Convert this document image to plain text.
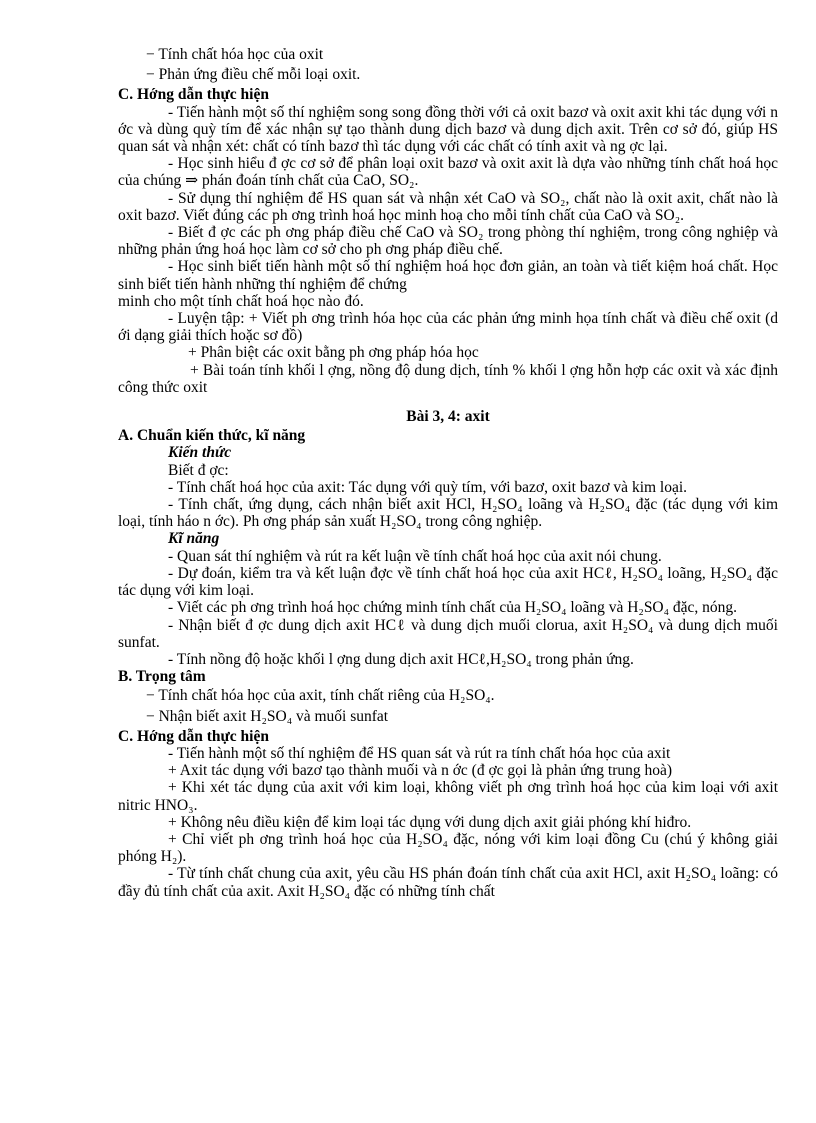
− Tính chất hóa học của oxit

− Phản ứng điều chế mỗi loại oxit.

C. Hớng dẫn thực hiện

- Tiến hành một số thí nghiệm song song đồng thời với cả oxit bazơ và oxit axit khi tác dụng với n ớc và dùng quỳ tím để xác nhận sự tạo thành dung dịch bazơ và dung dịch axit. Trên cơ sở đó, giúp HS quan sát và nhận xét: chất có tính bazơ thì tác dụng với các chất có tính axit và ng ợc lại.

- Học sinh hiểu đ ợc cơ sở để phân loại oxit bazơ và oxit axit là dựa vào những tính chất hoá học của chúng ⇒ phán đoán tính chất của CaO, SO₂.

- Sử dụng thí nghiệm để HS quan sát và nhận xét CaO và SO₂, chất nào là oxit axit, chất nào là oxit bazơ. Viết đúng các ph ơng trình hoá học minh hoạ cho mỗi tính chất của CaO và SO₂.

- Biết đ ợc các ph ơng pháp điều chế CaO và SO₂ trong phòng thí nghiệm, trong công nghiệp và những phản ứng hoá học làm cơ sở cho ph ơng pháp điều chế.

- Học sinh biết tiến hành một số thí nghiệm hoá học đơn giản, an toàn và tiết kiệm hoá chất. Học sinh biết tiến hành những thí nghiệm để chứng

minh cho một tính chất hoá học nào đó.

- Luyện tập: + Viết ph ơng trình hóa học của các phản ứng minh họa tính chất và điều chế oxit (d ới dạng giải thích hoặc sơ đồ)

+ Phân biệt các oxit bằng ph ơng pháp hóa học

+ Bài toán tính khối l ợng, nồng độ dung dịch, tính % khối l ợng hỗn hợp các oxit và xác định công thức oxit

Bài 3, 4: axit

A. Chuẩn kiến thức, kĩ năng

Kiến thức

Biết đ ợc:

- Tính chất hoá học của axit: Tác dụng với quỳ tím, với bazơ, oxit bazơ và kim loại.

- Tính chất, ứng dụng, cách nhận biết axit HCl, H₂SO₄ loãng và H₂SO₄ đặc (tác dụng với kim loại, tính háo n ớc). Ph ơng pháp sản xuất H₂SO₄ trong công nghiệp.

Kĩ năng

- Quan sát thí nghiệm và rút ra kết luận về tính chất hoá học của axit nói chung.

- Dự đoán, kiểm tra và kết luận đợc về tính chất hoá học của axit HCℓ, H₂SO₄ loãng, H₂SO₄ đặc tác dụng với kim loại.

- Viết các ph ơng trình hoá học chứng minh tính chất của H₂SO₄ loãng và H₂SO₄ đặc, nóng.

- Nhận biết đ ợc dung dịch axit HCℓ và dung dịch muối clorua, axit H₂SO₄ và dung dịch muối sunfat.

- Tính nồng độ hoặc khối l ợng dung dịch axit HCℓ,H₂SO₄ trong phản ứng.

B. Trọng tâm

− Tính chất hóa học của axit, tính chất riêng của H₂SO₄.

− Nhận biết axit H₂SO₄ và muối sunfat

C. Hớng dẫn thực hiện

- Tiến hành một số thí nghiệm để HS quan sát và rút ra tính chất hóa học của axit

+ Axit tác dụng với bazơ tạo thành muối và n ớc (đ ợc gọi là phản ứng trung hoà)

+ Khi xét tác dụng của axit với kim loại, không viết ph ơng trình hoá học của kim loại với axit nitric HNO₃.

+ Không nêu điều kiện để kim loại tác dụng với dung dịch axit giải phóng khí hiđro.

+ Chỉ viết ph ơng trình hoá học của H₂SO₄ đặc, nóng với kim loại đồng Cu (chú ý không giải phóng H₂).

- Từ tính chất chung của axit, yêu cầu HS phán đoán tính chất của axit HCl, axit H₂SO₄ loãng: có đầy đủ tính chất của axit. Axit H₂SO₄ đặc có những tính chất
